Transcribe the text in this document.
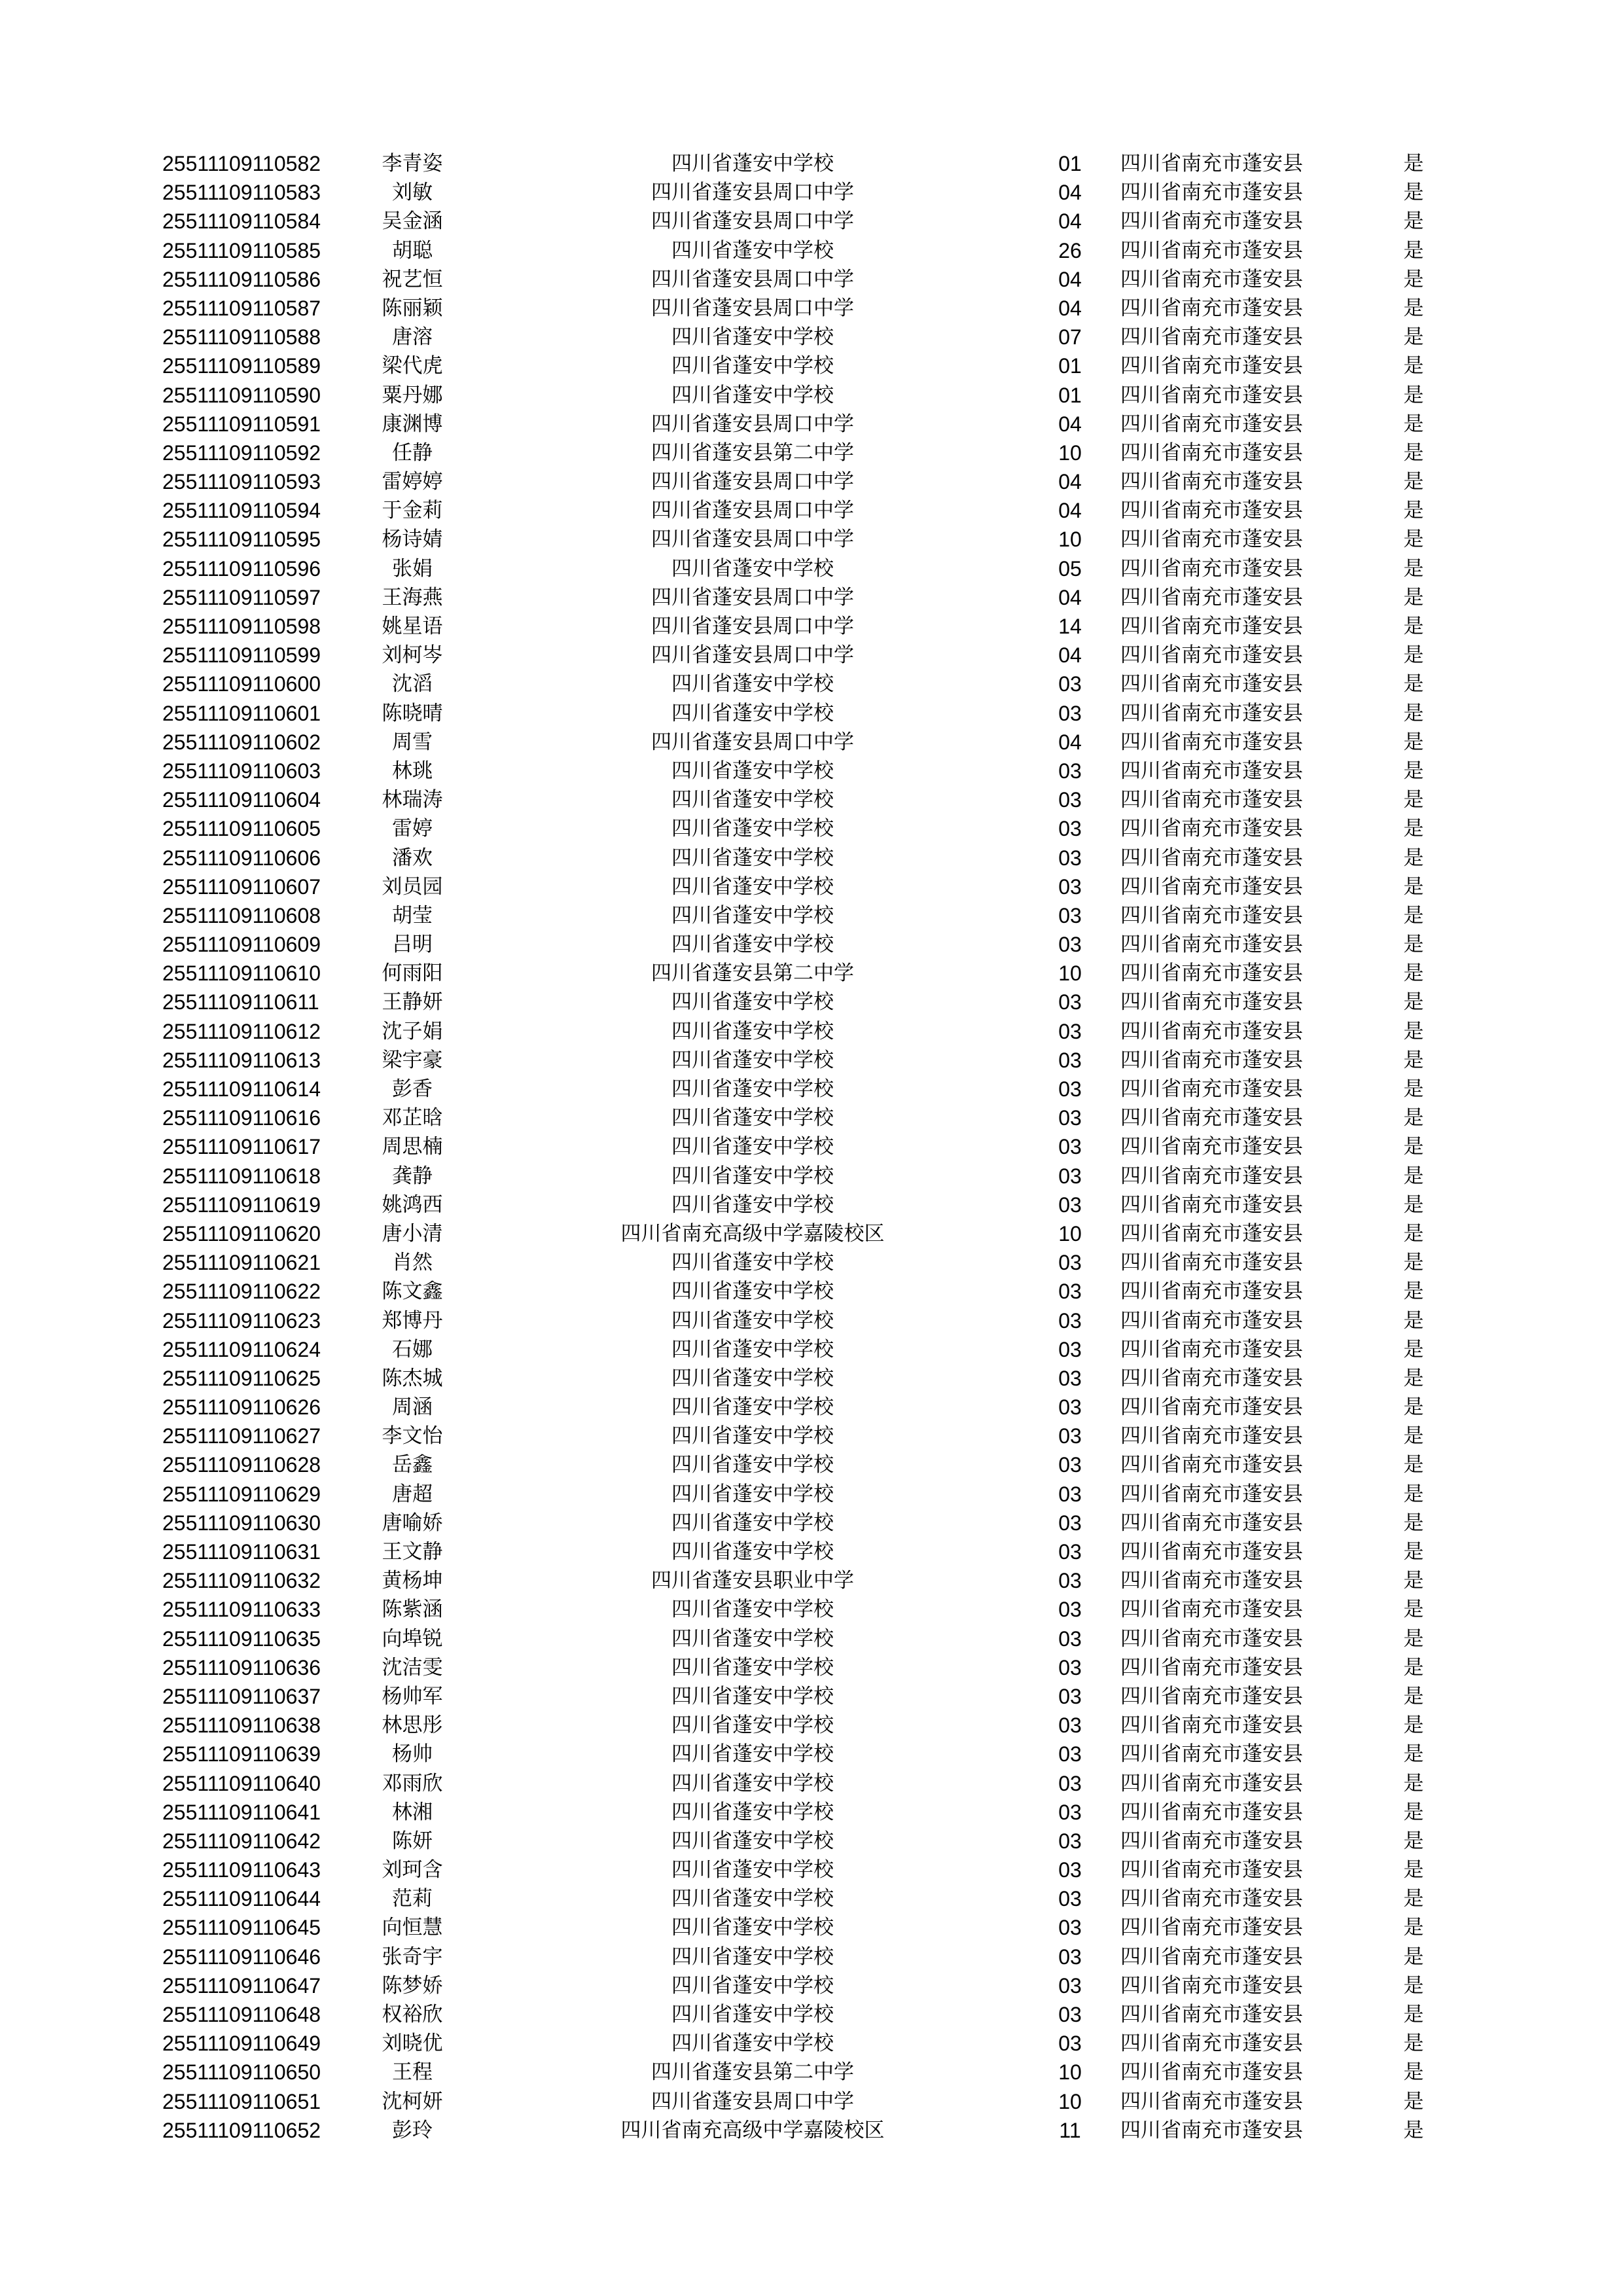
25511109110582	李青姿	四川省蓬安中学校	01	四川省南充市蓬安县	是
25511109110583	刘敏	四川省蓬安县周口中学	04	四川省南充市蓬安县	是
25511109110584	吴金涵	四川省蓬安县周口中学	04	四川省南充市蓬安县	是
25511109110585	胡聪	四川省蓬安中学校	26	四川省南充市蓬安县	是
25511109110586	祝艺恒	四川省蓬安县周口中学	04	四川省南充市蓬安县	是
25511109110587	陈丽颖	四川省蓬安县周口中学	04	四川省南充市蓬安县	是
25511109110588	唐溶	四川省蓬安中学校	07	四川省南充市蓬安县	是
25511109110589	梁代虎	四川省蓬安中学校	01	四川省南充市蓬安县	是
25511109110590	粟丹娜	四川省蓬安中学校	01	四川省南充市蓬安县	是
25511109110591	康渊博	四川省蓬安县周口中学	04	四川省南充市蓬安县	是
25511109110592	任静	四川省蓬安县第二中学	10	四川省南充市蓬安县	是
25511109110593	雷婷婷	四川省蓬安县周口中学	04	四川省南充市蓬安县	是
25511109110594	于金莉	四川省蓬安县周口中学	04	四川省南充市蓬安县	是
25511109110595	杨诗婧	四川省蓬安县周口中学	10	四川省南充市蓬安县	是
25511109110596	张娟	四川省蓬安中学校	05	四川省南充市蓬安县	是
25511109110597	王海燕	四川省蓬安县周口中学	04	四川省南充市蓬安县	是
25511109110598	姚星语	四川省蓬安县周口中学	14	四川省南充市蓬安县	是
25511109110599	刘柯岑	四川省蓬安县周口中学	04	四川省南充市蓬安县	是
25511109110600	沈滔	四川省蓬安中学校	03	四川省南充市蓬安县	是
25511109110601	陈晓晴	四川省蓬安中学校	03	四川省南充市蓬安县	是
25511109110602	周雪	四川省蓬安县周口中学	04	四川省南充市蓬安县	是
25511109110603	林珧	四川省蓬安中学校	03	四川省南充市蓬安县	是
25511109110604	林瑞涛	四川省蓬安中学校	03	四川省南充市蓬安县	是
25511109110605	雷婷	四川省蓬安中学校	03	四川省南充市蓬安县	是
25511109110606	潘欢	四川省蓬安中学校	03	四川省南充市蓬安县	是
25511109110607	刘员园	四川省蓬安中学校	03	四川省南充市蓬安县	是
25511109110608	胡莹	四川省蓬安中学校	03	四川省南充市蓬安县	是
25511109110609	吕明	四川省蓬安中学校	03	四川省南充市蓬安县	是
25511109110610	何雨阳	四川省蓬安县第二中学	10	四川省南充市蓬安县	是
25511109110611	王静妍	四川省蓬安中学校	03	四川省南充市蓬安县	是
25511109110612	沈子娟	四川省蓬安中学校	03	四川省南充市蓬安县	是
25511109110613	梁宇豪	四川省蓬安中学校	03	四川省南充市蓬安县	是
25511109110614	彭香	四川省蓬安中学校	03	四川省南充市蓬安县	是
25511109110616	邓芷晗	四川省蓬安中学校	03	四川省南充市蓬安县	是
25511109110617	周思楠	四川省蓬安中学校	03	四川省南充市蓬安县	是
25511109110618	龚静	四川省蓬安中学校	03	四川省南充市蓬安县	是
25511109110619	姚鸿西	四川省蓬安中学校	03	四川省南充市蓬安县	是
25511109110620	唐小清	四川省南充高级中学嘉陵校区	10	四川省南充市蓬安县	是
25511109110621	肖然	四川省蓬安中学校	03	四川省南充市蓬安县	是
25511109110622	陈文鑫	四川省蓬安中学校	03	四川省南充市蓬安县	是
25511109110623	郑博丹	四川省蓬安中学校	03	四川省南充市蓬安县	是
25511109110624	石娜	四川省蓬安中学校	03	四川省南充市蓬安县	是
25511109110625	陈杰城	四川省蓬安中学校	03	四川省南充市蓬安县	是
25511109110626	周涵	四川省蓬安中学校	03	四川省南充市蓬安县	是
25511109110627	李文怡	四川省蓬安中学校	03	四川省南充市蓬安县	是
25511109110628	岳鑫	四川省蓬安中学校	03	四川省南充市蓬安县	是
25511109110629	唐超	四川省蓬安中学校	03	四川省南充市蓬安县	是
25511109110630	唐喻娇	四川省蓬安中学校	03	四川省南充市蓬安县	是
25511109110631	王文静	四川省蓬安中学校	03	四川省南充市蓬安县	是
25511109110632	黄杨坤	四川省蓬安县职业中学	03	四川省南充市蓬安县	是
25511109110633	陈紫涵	四川省蓬安中学校	03	四川省南充市蓬安县	是
25511109110635	向埠锐	四川省蓬安中学校	03	四川省南充市蓬安县	是
25511109110636	沈洁雯	四川省蓬安中学校	03	四川省南充市蓬安县	是
25511109110637	杨帅军	四川省蓬安中学校	03	四川省南充市蓬安县	是
25511109110638	林思彤	四川省蓬安中学校	03	四川省南充市蓬安县	是
25511109110639	杨帅	四川省蓬安中学校	03	四川省南充市蓬安县	是
25511109110640	邓雨欣	四川省蓬安中学校	03	四川省南充市蓬安县	是
25511109110641	林湘	四川省蓬安中学校	03	四川省南充市蓬安县	是
25511109110642	陈妍	四川省蓬安中学校	03	四川省南充市蓬安县	是
25511109110643	刘珂含	四川省蓬安中学校	03	四川省南充市蓬安县	是
25511109110644	范莉	四川省蓬安中学校	03	四川省南充市蓬安县	是
25511109110645	向恒慧	四川省蓬安中学校	03	四川省南充市蓬安县	是
25511109110646	张奇宇	四川省蓬安中学校	03	四川省南充市蓬安县	是
25511109110647	陈梦娇	四川省蓬安中学校	03	四川省南充市蓬安县	是
25511109110648	权裕欣	四川省蓬安中学校	03	四川省南充市蓬安县	是
25511109110649	刘晓优	四川省蓬安中学校	03	四川省南充市蓬安县	是
25511109110650	王程	四川省蓬安县第二中学	10	四川省南充市蓬安县	是
25511109110651	沈柯妍	四川省蓬安县周口中学	10	四川省南充市蓬安县	是
25511109110652	彭玲	四川省南充高级中学嘉陵校区	11	四川省南充市蓬安县	是
